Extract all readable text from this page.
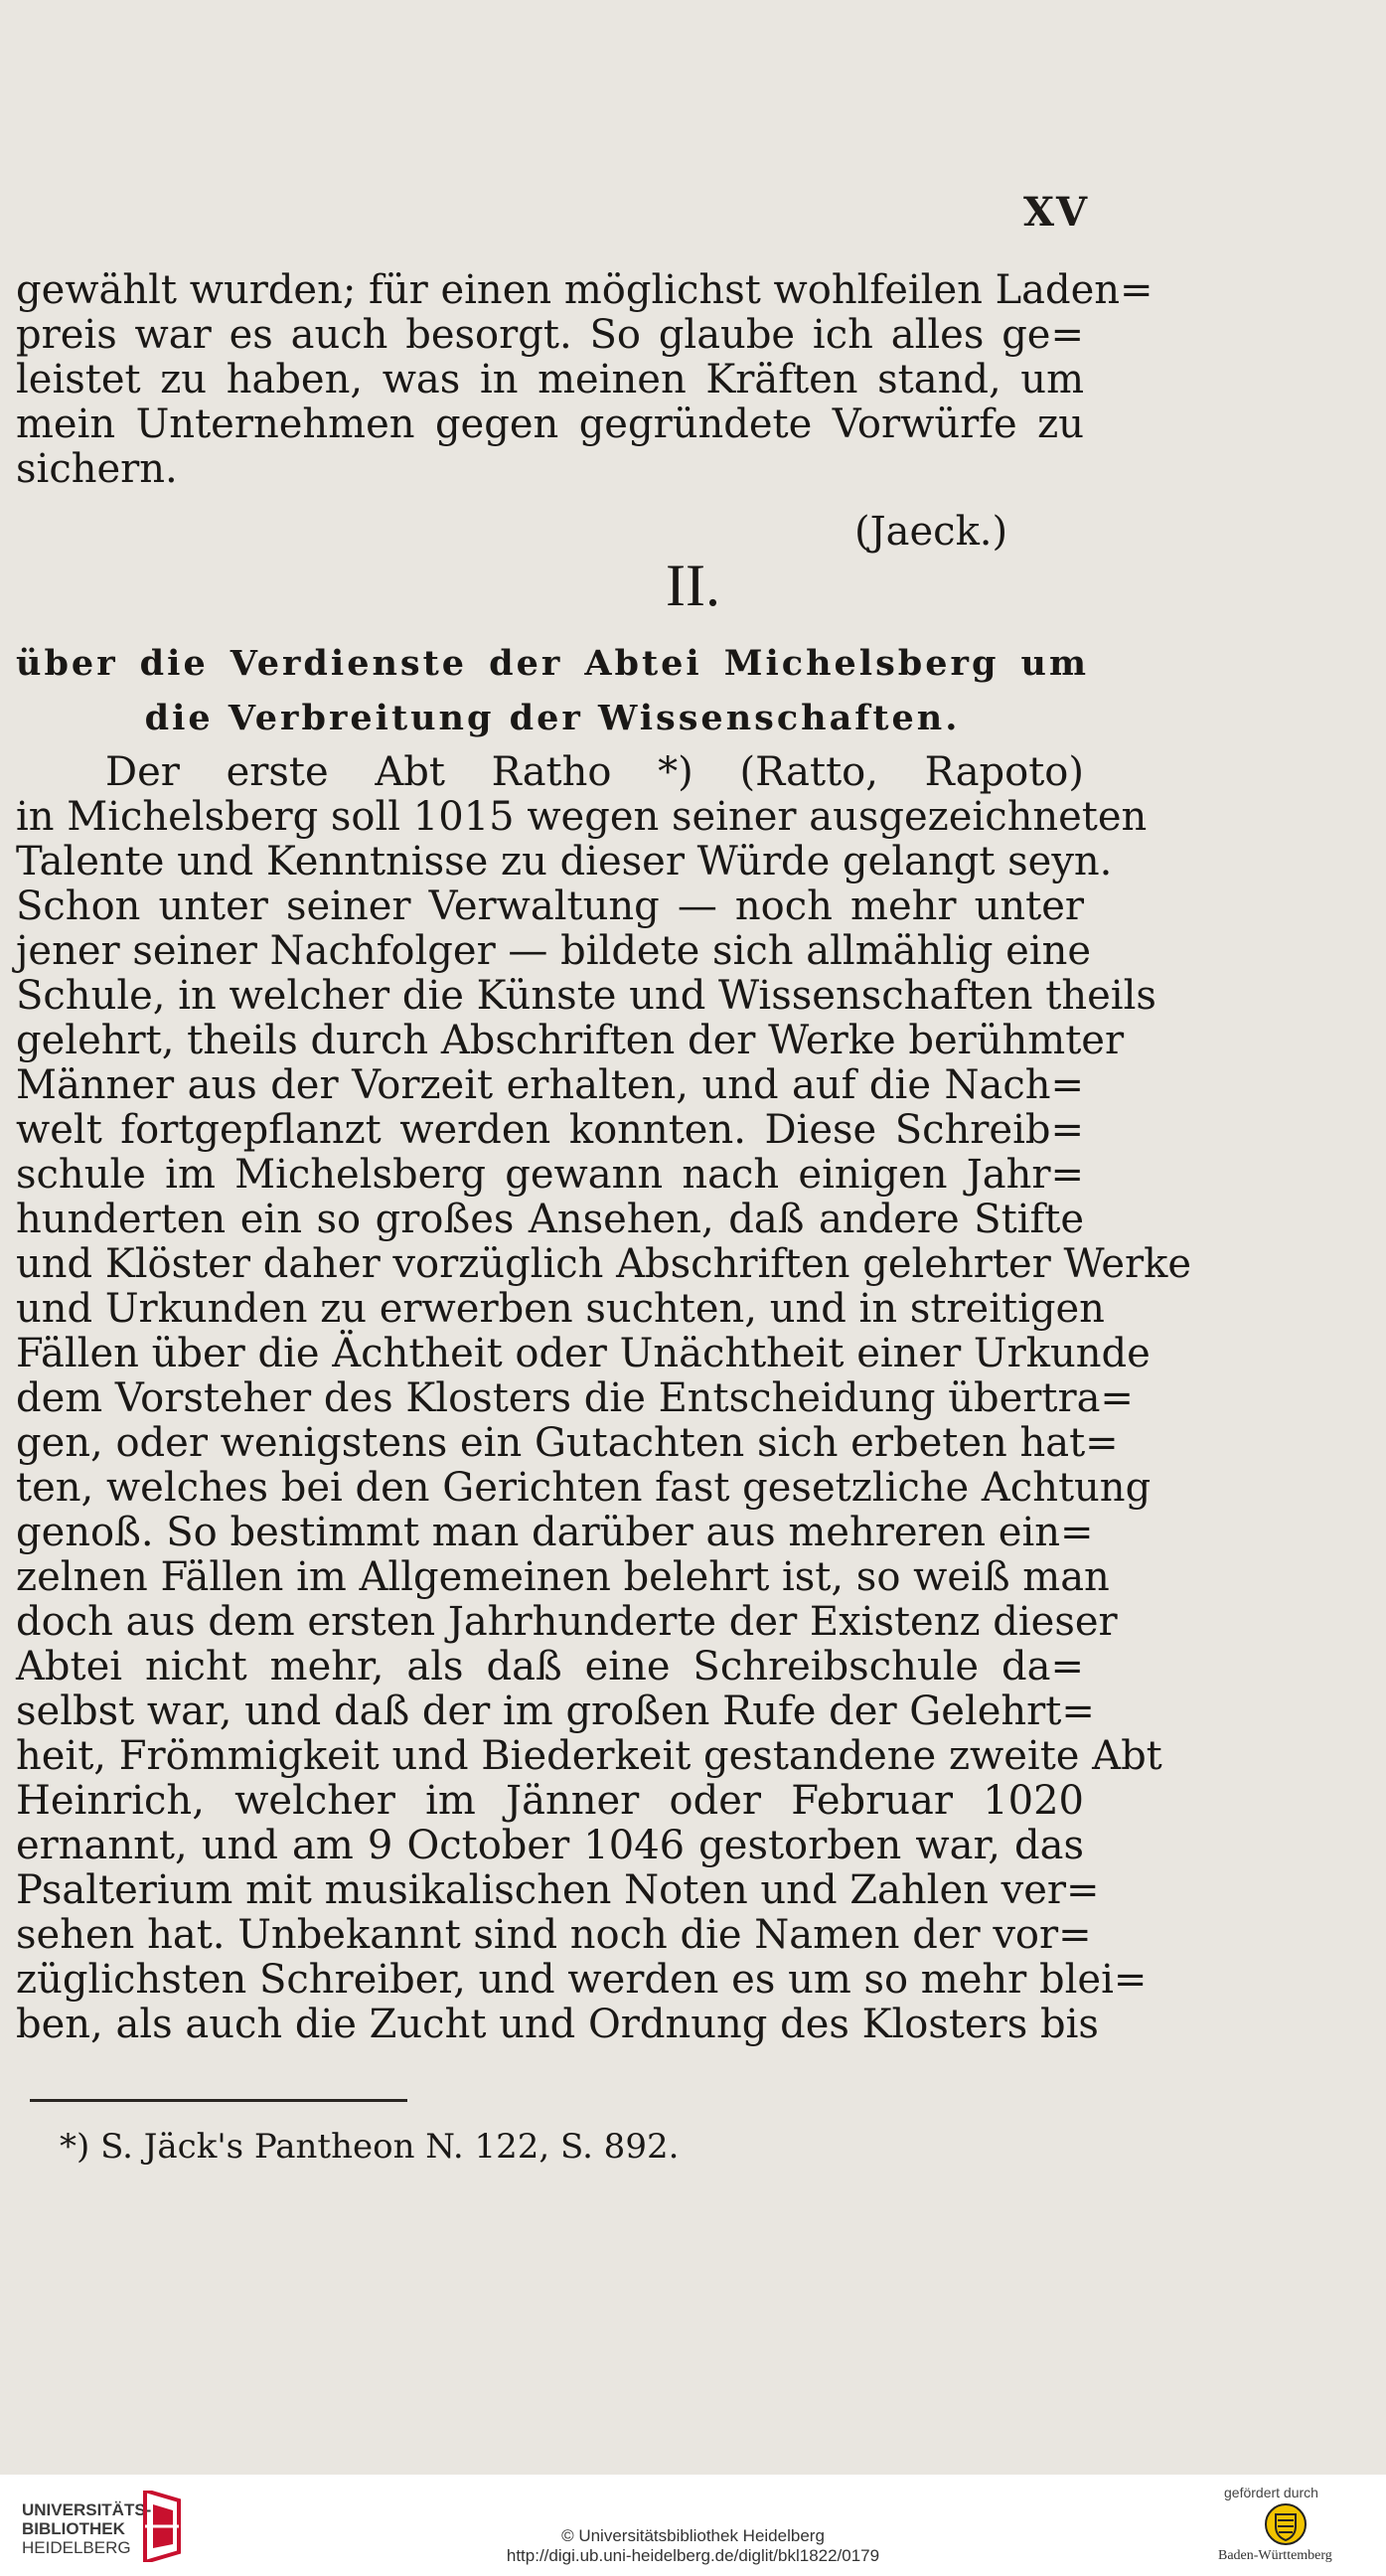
XV
gewählt wurden; für einen möglichst wohlfeilen Laden=
preis war es auch besorgt. So glaube ich alles ge=
leistet zu haben, was in meinen Kräften stand, um
mein Unternehmen gegen gegründete Vorwürfe zu
sichern.
(Jaeck.)
II.
über die Verdienste der Abtei Michelsberg um
die Verbreitung der Wissenschaften.
Der erste Abt Ratho *) (Ratto, Rapoto)
in Michelsberg soll 1015 wegen seiner ausgezeichneten
Talente und Kenntnisse zu dieser Würde gelangt seyn.
Schon unter seiner Verwaltung — noch mehr unter
jener seiner Nachfolger — bildete sich allmählig eine
Schule, in welcher die Künste und Wissenschaften theils
gelehrt, theils durch Abschriften der Werke berühmter
Männer aus der Vorzeit erhalten, und auf die Nach=
welt fortgepflanzt werden konnten. Diese Schreib=
schule im Michelsberg gewann nach einigen Jahr=
hunderten ein so großes Ansehen, daß andere Stifte
und Klöster daher vorzüglich Abschriften gelehrter Werke
und Urkunden zu erwerben suchten, und in streitigen
Fällen über die Ächtheit oder Unächtheit einer Urkunde
dem Vorsteher des Klosters die Entscheidung übertra=
gen, oder wenigstens ein Gutachten sich erbeten hat=
ten, welches bei den Gerichten fast gesetzliche Achtung
genoß. So bestimmt man darüber aus mehreren ein=
zelnen Fällen im Allgemeinen belehrt ist, so weiß man
doch aus dem ersten Jahrhunderte der Existenz dieser
Abtei nicht mehr, als daß eine Schreibschule da=
selbst war, und daß der im großen Rufe der Gelehrt=
heit, Frömmigkeit und Biederkeit gestandene zweite Abt
Heinrich, welcher im Jänner oder Februar 1020
ernannt, und am 9 October 1046 gestorben war, das
Psalterium mit musikalischen Noten und Zahlen ver=
sehen hat. Unbekannt sind noch die Namen der vor=
züglichsten Schreiber, und werden es um so mehr blei=
ben, als auch die Zucht und Ordnung des Klosters bis
*) S. Jäck's Pantheon N. 122, S. 892.
UNIVERSITÄTS-
BIBLIOTHEK
HEIDELBERG
© Universitätsbibliothek Heidelberg
http://digi.ub.uni-heidelberg.de/diglit/bkl1822/0179
gefördert durch
Baden-Württemberg
